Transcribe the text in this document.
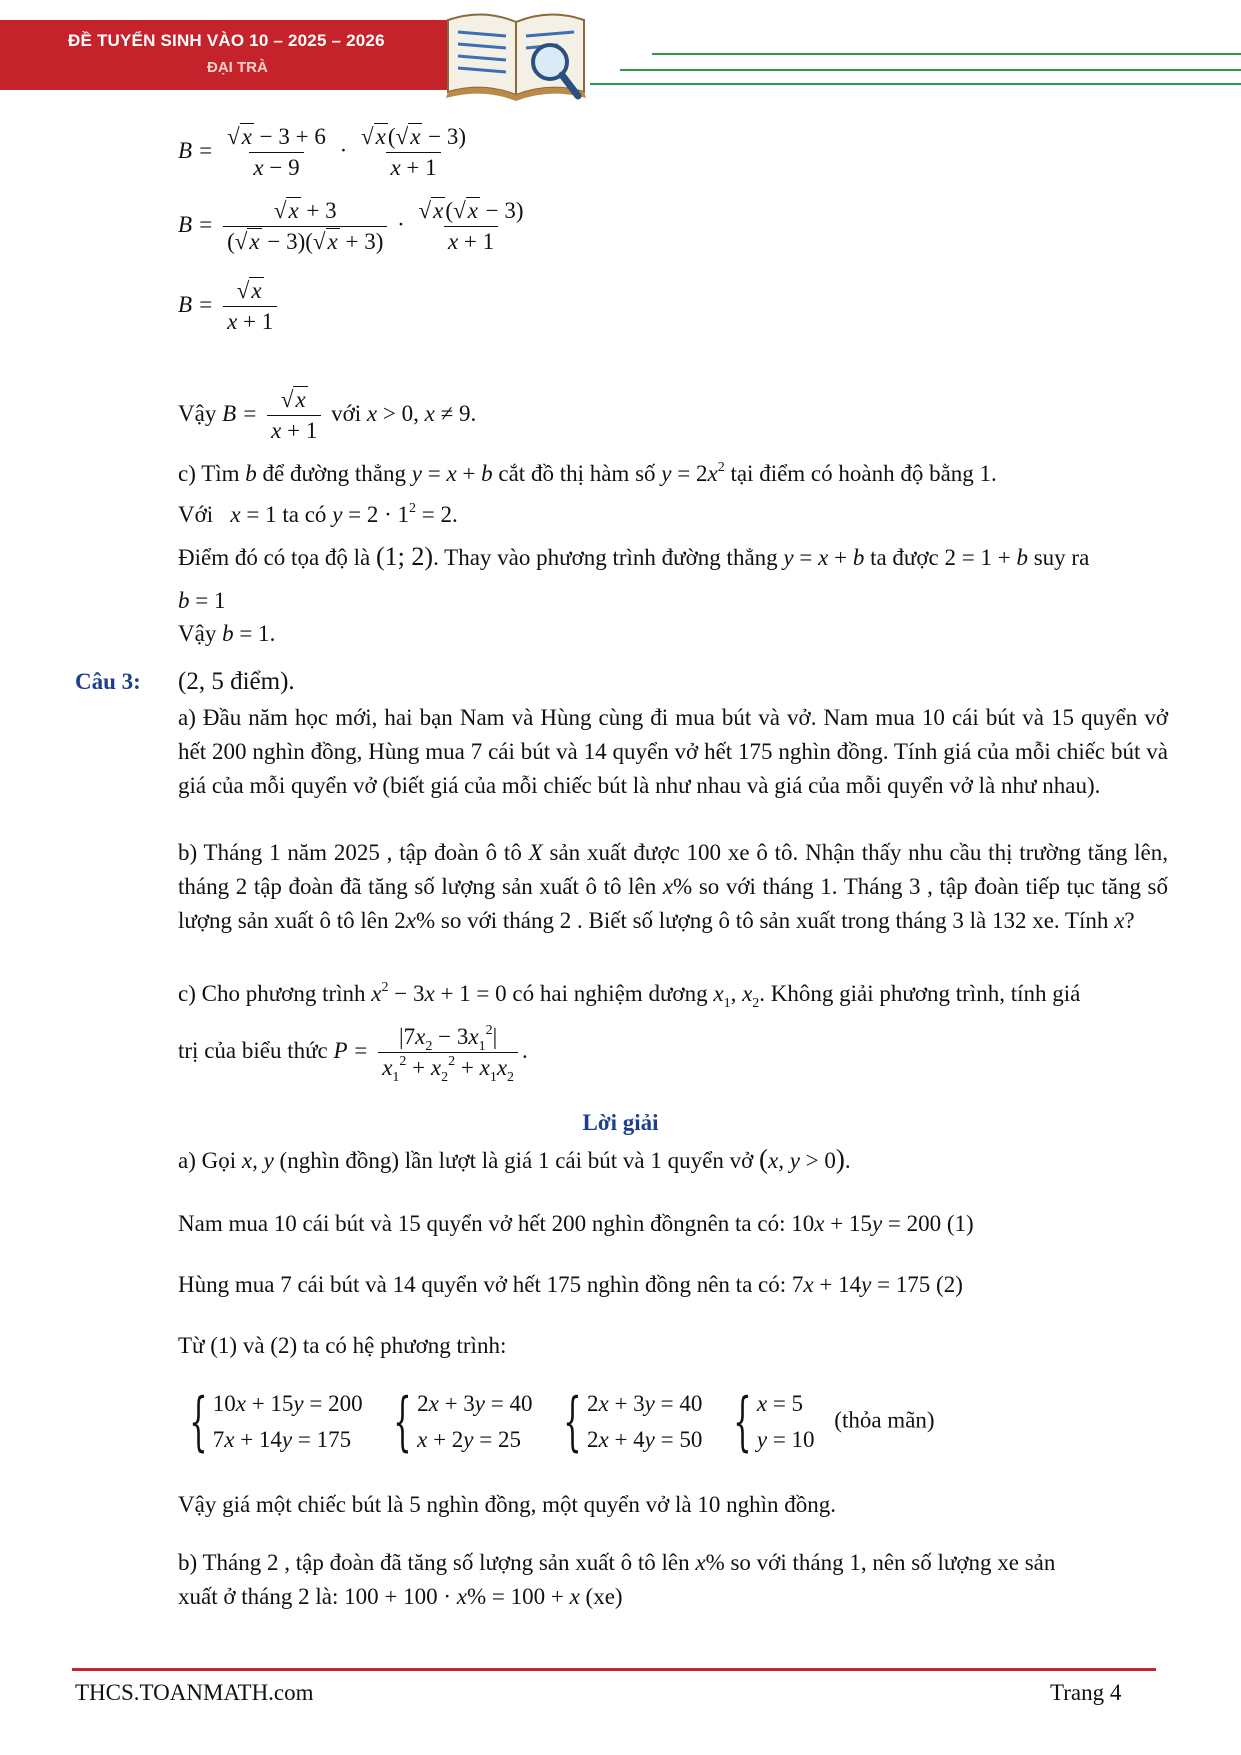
ĐỀ TUYỂN SINH VÀO 10 – 2025 – 2026
ĐẠI TRÀ
$B = \frac{√x - 3 + 6}{x - 9} \cdot \frac{√x(√x - 3)}{x + 1}$
$B = \frac{√x + 3}{(√x - 3)(√x + 3)} \cdot \frac{√x(√x - 3)}{x + 1}$
$B = \frac{√x}{x + 1}$
Vậy $B = \frac{√x}{x + 1}$ với x > 0, x ≠ 9.
c) Tìm b để đường thẳng y = x + b cắt đồ thị hàm số $y = 2x^2$ tại điểm có hoành độ bằng 1.
Với x = 1 ta có $y = 2 \cdot 1^2 = 2$.
Điểm đó có tọa độ là (1; 2). Thay vào phương trình đường thẳng y = x + b ta được 2 = 1 + b suy ra
b = 1
Vậy b = 1.
Câu 3: (2, 5 điểm).
a) Đầu năm học mới, hai bạn Nam và Hùng cùng đi mua bút và vở. Nam mua 10 cái bút và 15 quyển vở hết 200 nghìn đồng, Hùng mua 7 cái bút và 14 quyển vở hết 175 nghìn đồng. Tính giá của mỗi chiếc bút và giá của mỗi quyển vở (biết giá của mỗi chiếc bút là như nhau và giá của mỗi quyển vở là như nhau).
b) Tháng 1 năm 2025 , tập đoàn ô tô X sản xuất được 100 xe ô tô. Nhận thấy nhu cầu thị trường tăng lên, tháng 2 tập đoàn đã tăng số lượng sản xuất ô tô lên x% so với tháng 1. Tháng 3 , tập đoàn tiếp tục tăng số lượng sản xuất ô tô lên 2x% so với tháng 2 . Biết số lượng ô tô sản xuất trong tháng 3 là 132 xe. Tính x?
c) Cho phương trình $x^2 - 3x + 1 = 0$ có hai nghiệm dương $x_1$, $x_2$. Không giải phương trình, tính giá
trị của biểu thức $P = \frac{|7x_2 - 3x_1^2|}{x_1^2 + x_2^2 + x_1x_2}$ .
Lời giải
a) Gọi x, y (nghìn đồng) lần lượt là giá 1 cái bút và 1 quyển vở (x, y > 0).
Nam mua 10 cái bút và 15 quyển vở hết 200 nghìn đồngnên ta có: 10x + 15y = 200 (1)
Hùng mua 7 cái bút và 14 quyển vở hết 175 nghìn đồng nên ta có: 7x + 14y = 175 (2)
Từ (1) và (2) ta có hệ phương trình:
{ 10x + 15y = 200
7x + 14y = 175
{ 2x + 3y = 40
x + 2y = 25
{ 2x + 3y = 40
2x + 4y = 50
{ x = 5
y = 10
(thỏa mãn)
Vậy giá một chiếc bút là 5 nghìn đồng, một quyển vở là 10 nghìn đồng.
b) Tháng 2 , tập đoàn đã tăng số lượng sản xuất ô tô lên x% so với tháng 1, nên số lượng xe sản
xuất ở tháng 2 là: 100 + 100 · x% = 100 + x (xe)
THCS.TOANMATH.com	Trang 4
